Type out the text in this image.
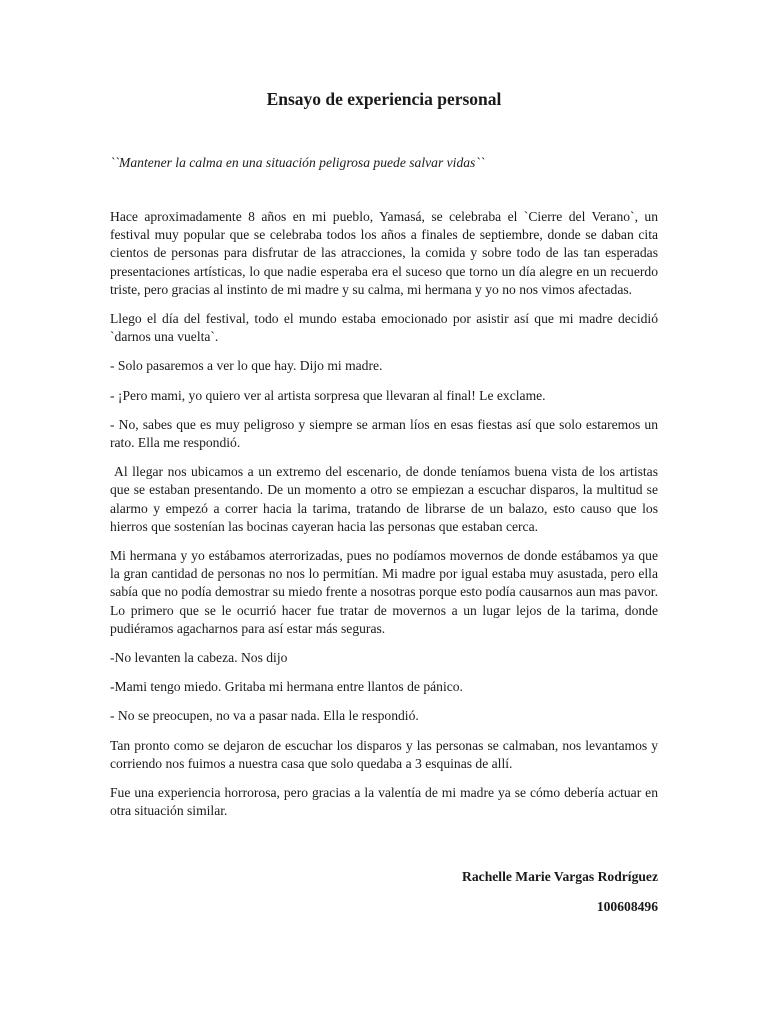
Ensayo de experiencia personal

``Mantener la calma en una situación peligrosa puede salvar vidas``

Hace aproximadamente 8 años en mi pueblo, Yamasá, se celebraba el `Cierre del Verano`, un festival muy popular que se celebraba todos los años a finales de septiembre, donde se daban cita cientos de personas para disfrutar de las atracciones, la comida y sobre todo de las tan esperadas presentaciones artísticas, lo que nadie esperaba era el suceso que torno un día alegre en un recuerdo triste, pero gracias al instinto de mi madre y su calma, mi hermana y yo no nos vimos afectadas.

Llego el día del festival, todo el mundo estaba emocionado por asistir así que mi madre decidió `darnos una vuelta`.

- Solo pasaremos a ver lo que hay. Dijo mi madre.

- ¡Pero mami, yo quiero ver al artista sorpresa que llevaran al final! Le exclame.

- No, sabes que es muy peligroso y siempre se arman líos en esas fiestas así que solo estaremos un rato. Ella me respondió.

Al llegar nos ubicamos a un extremo del escenario, de donde teníamos buena vista de los artistas que se estaban presentando. De un momento a otro se empiezan a escuchar disparos, la multitud se alarmo y empezó a correr hacia la tarima, tratando de librarse de un balazo, esto causo que los hierros que sostenían las bocinas cayeran hacia las personas que estaban cerca.

Mi hermana y yo estábamos aterrorizadas, pues no podíamos movernos de donde estábamos ya que la gran cantidad de personas no nos lo permitían. Mi madre por igual estaba muy asustada, pero ella sabía que no podía demostrar su miedo frente a nosotras porque esto podía causarnos aun mas pavor. Lo primero que se le ocurrió hacer fue tratar de movernos a un lugar lejos de la tarima, donde pudiéramos agacharnos para así estar más seguras.

-No levanten la cabeza. Nos dijo

-Mami tengo miedo. Gritaba mi hermana entre llantos de pánico.

- No se preocupen, no va a pasar nada. Ella le respondió.

Tan pronto como se dejaron de escuchar los disparos y las personas se calmaban, nos levantamos y corriendo nos fuimos a nuestra casa que solo quedaba a 3 esquinas de allí.

Fue una experiencia horrorosa, pero gracias a la valentía de mi madre ya se cómo debería actuar en otra situación similar.

Rachelle Marie Vargas Rodríguez

100608496
